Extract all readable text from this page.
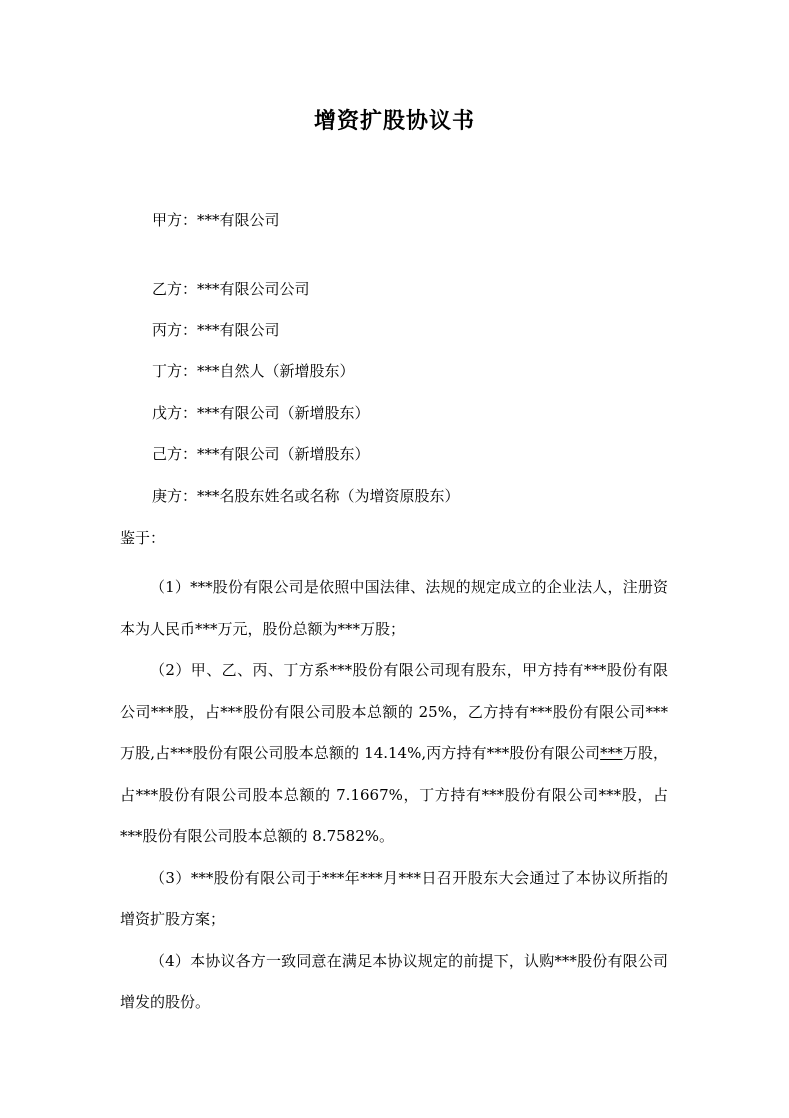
增资扩股协议书
甲方：***有限公司
乙方：***有限公司公司
丙方：***有限公司
丁方：***自然人（新增股东）
戊方：***有限公司（新增股东）
己方：***有限公司（新增股东）
庚方：***名股东姓名或名称（为增资原股东）
鉴于：

（1）***股份有限公司是依照中国法律、法规的规定成立的企业法人，注册资本为人民币***万元，股份总额为***万股；

（2）甲、乙、丙、丁方系***股份有限公司现有股东，甲方持有***股份有限公司***股，占***股份有限公司股本总额的 25%，乙方持有***股份有限公司***万股,占***股份有限公司股本总额的 14.14%,丙方持有***股份有限公司***万股，占***股份有限公司股本总额的 7.1667%，丁方持有***股份有限公司***股，占***股份有限公司股本总额的 8.7582%。

（3）***股份有限公司于***年***月***日召开股东大会通过了本协议所指的增资扩股方案；

（4）本协议各方一致同意在满足本协议规定的前提下，认购***股份有限公司增发的股份。
